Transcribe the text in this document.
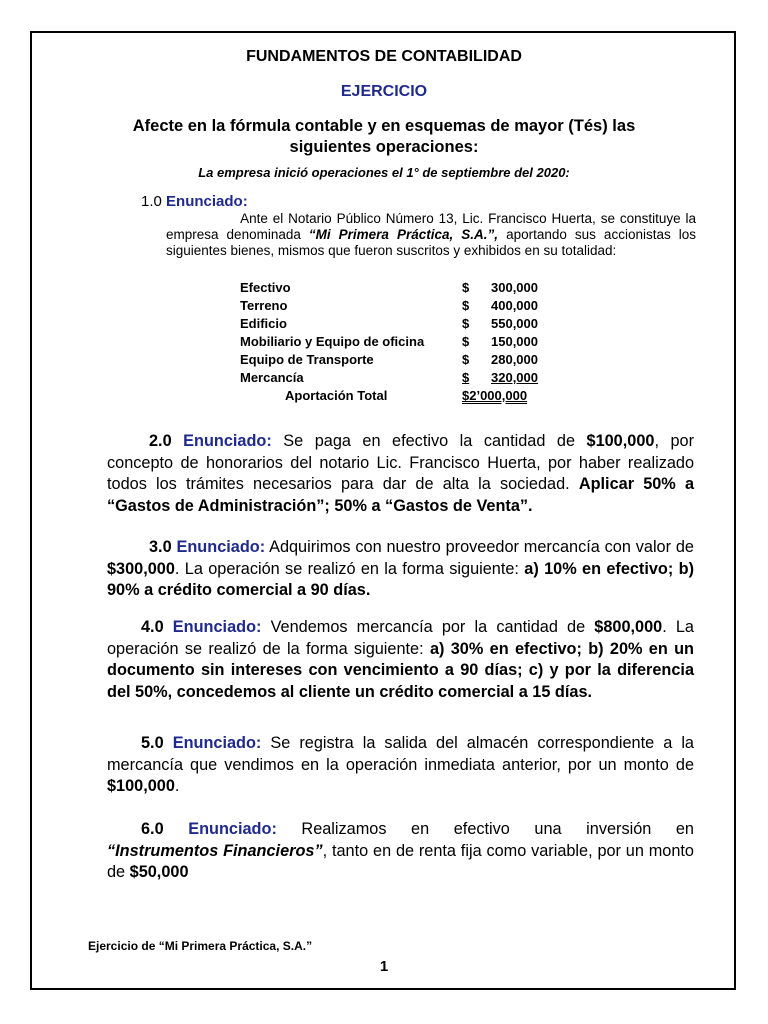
FUNDAMENTOS DE CONTABILIDAD
EJERCICIO
Afecte en la fórmula contable y en esquemas de mayor (Tés) las siguientes operaciones:
La empresa inició operaciones el 1° de septiembre del 2020:
1.0 Enunciado:
Ante el Notario Público Número 13, Lic. Francisco Huerta, se constituye la empresa denominada “Mi Primera Práctica, S.A.”, aportando sus accionistas los siguientes bienes, mismos que fueron suscritos y exhibidos en su totalidad:
Efectivo	$	300,000
Terreno	$	400,000
Edificio	$	550,000
Mobiliario y Equipo de oficina	$	150,000
Equipo de Transporte	$	280,000
Mercancía	$	320,000
Aportación Total	$2’000,000
2.0 Enunciado: Se paga en efectivo la cantidad de $100,000, por concepto de honorarios del notario Lic. Francisco Huerta, por haber realizado todos los trámites necesarios para dar de alta la sociedad. Aplicar 50% a “Gastos de Administración”; 50% a “Gastos de Venta”.
3.0 Enunciado: Adquirimos con nuestro proveedor mercancía con valor de $300,000. La operación se realizó en la forma siguiente: a) 10% en efectivo; b) 90% a crédito comercial a 90 días.
4.0 Enunciado: Vendemos mercancía por la cantidad de $800,000. La operación se realizó de la forma siguiente: a) 30% en efectivo; b) 20% en un documento sin intereses con vencimiento a 90 días; c) y por la diferencia del 50%, concedemos al cliente un crédito comercial a 15 días.
5.0 Enunciado: Se registra la salida del almacén correspondiente a la mercancía que vendimos en la operación inmediata anterior, por un monto de $100,000.
6.0 Enunciado: Realizamos en efectivo una inversión en “Instrumentos Financieros”, tanto en de renta fija como variable, por un monto de $50,000
Ejercicio de “Mi Primera Práctica, S.A.”
1
